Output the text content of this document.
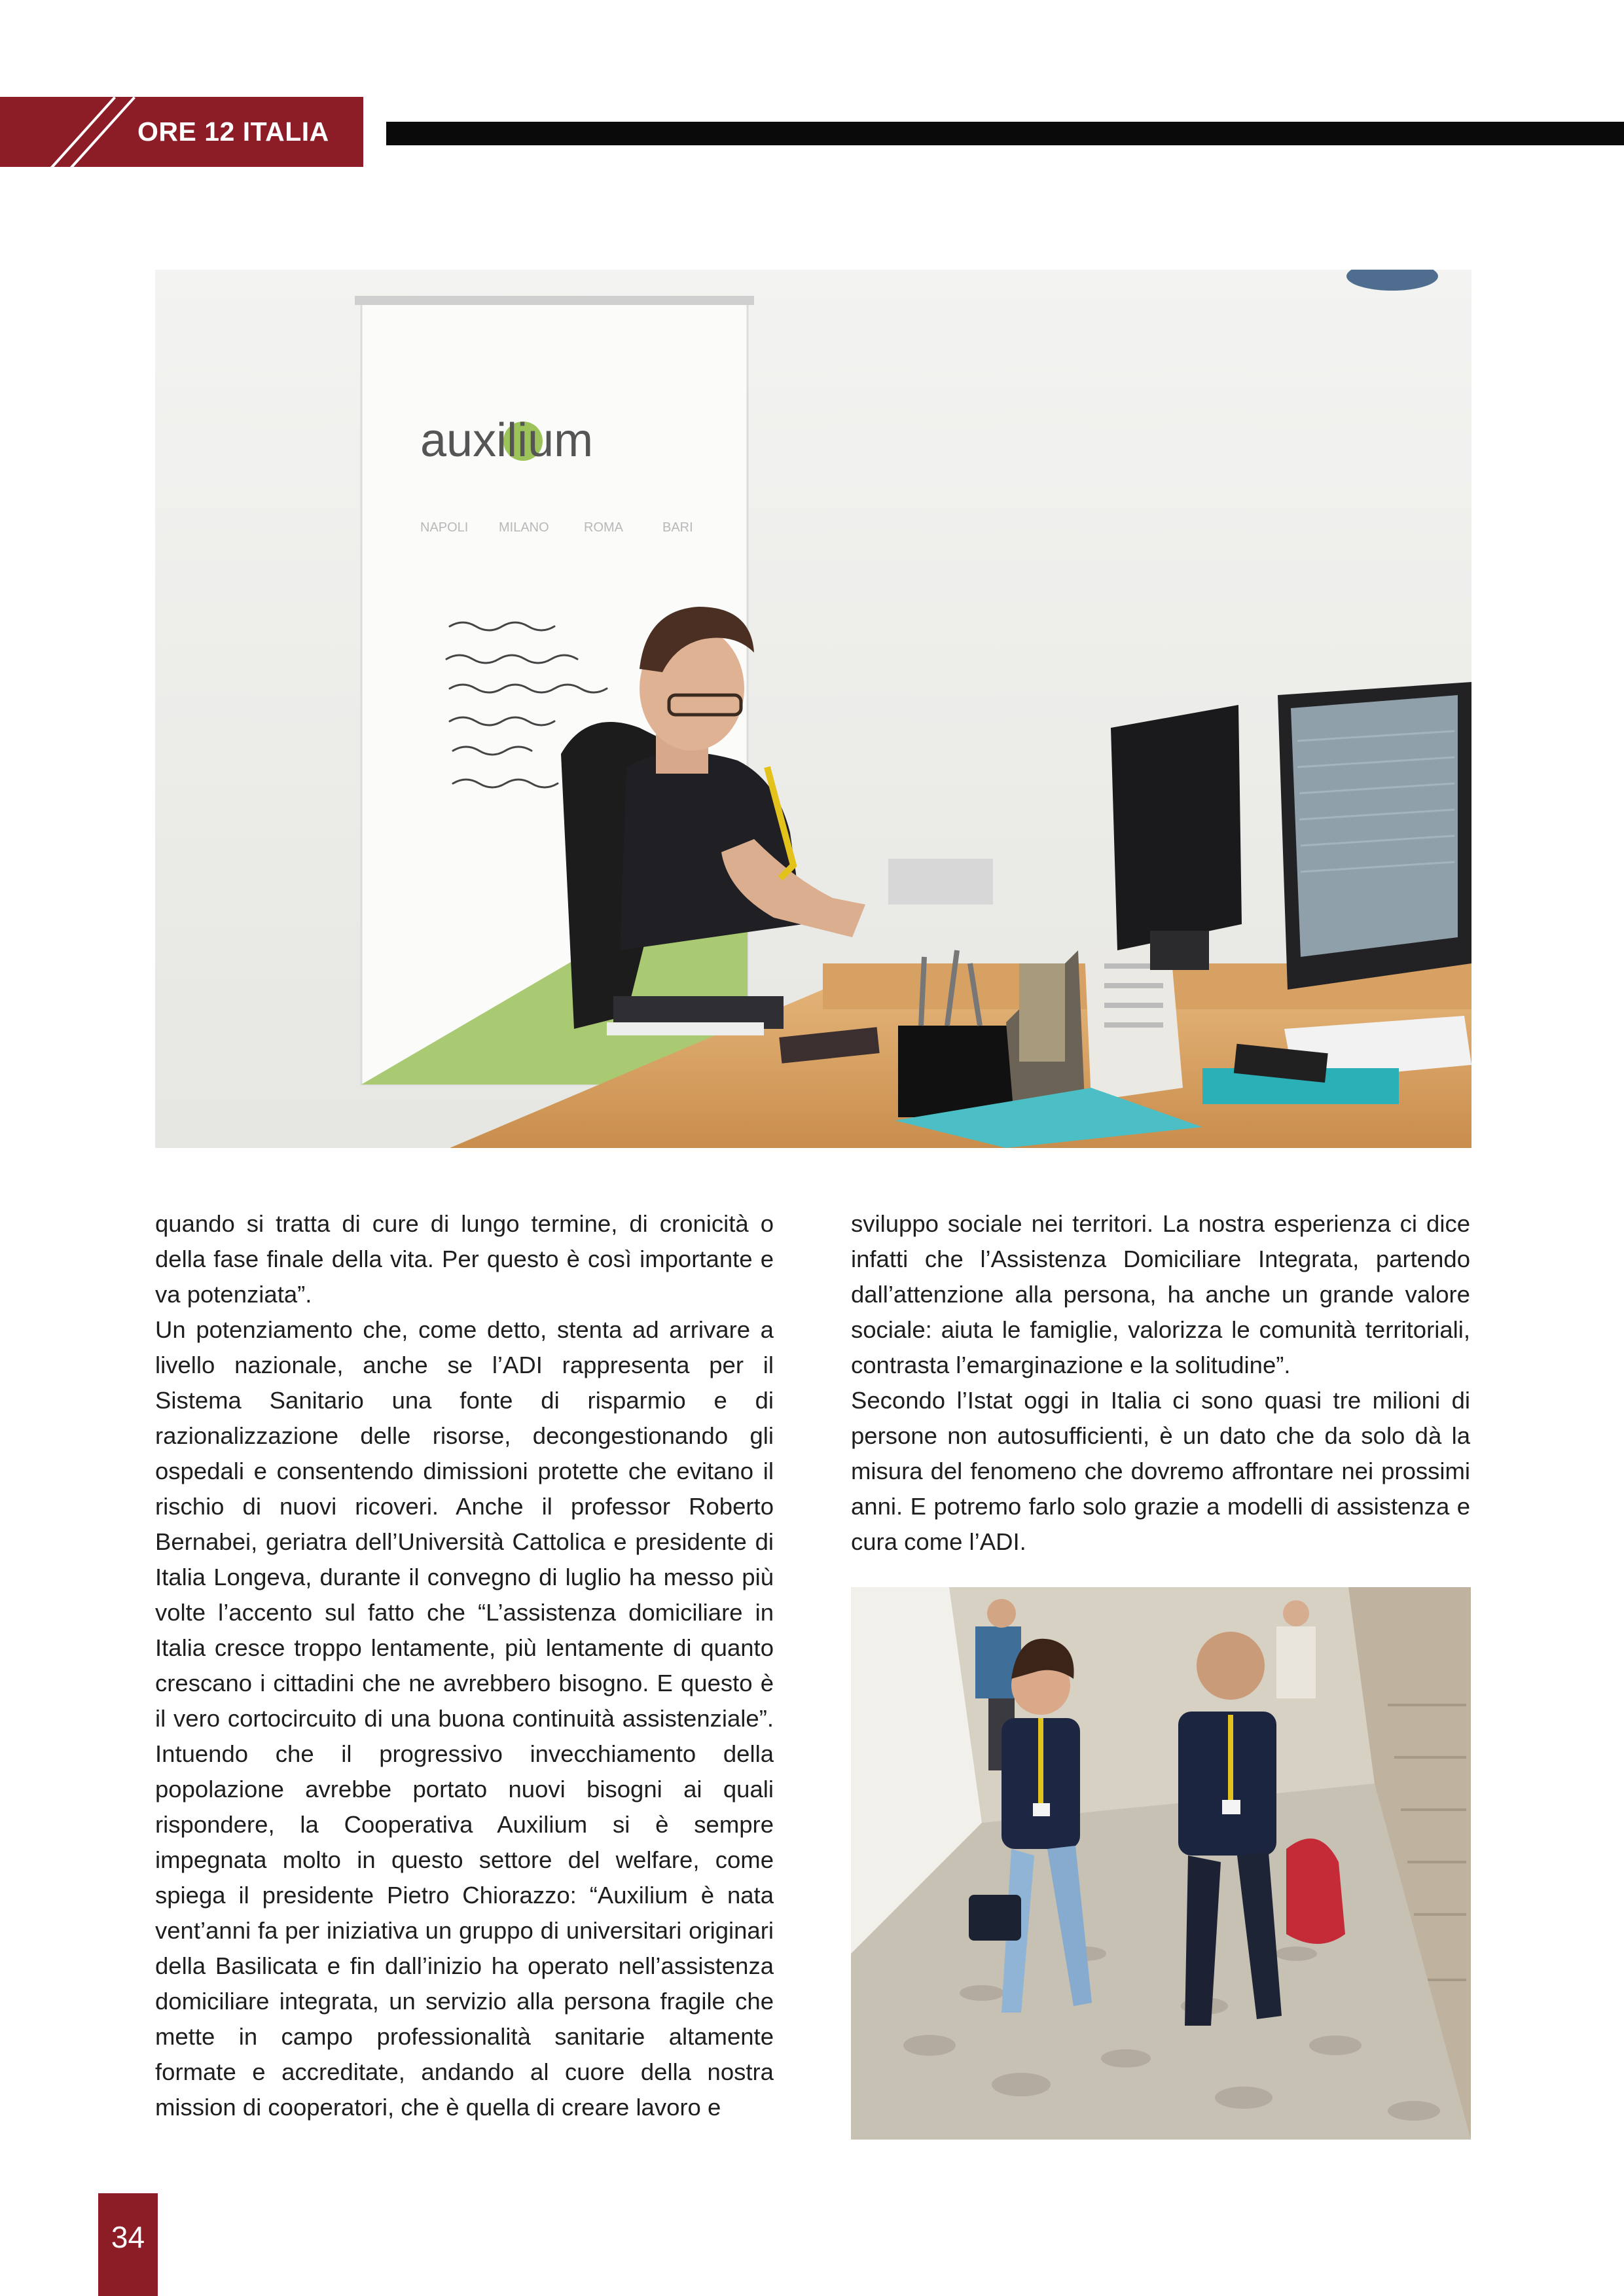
ORE 12 ITALIA
auxilium
NAPOLI MILANO	ROMA	BARI

quando si tratta di cure di lungo termine, di cronicità o della fase finale della vita. Per questo è così importante e va potenziata”.

Un potenziamento che, come detto, stenta ad arrivare a livello nazionale, anche se l’ADI rappresenta per il Sistema Sanitario una fonte di risparmio e di razionalizzazione delle risorse, decongestionando gli ospedali e consentendo dimissioni protette che evitano il rischio di nuovi ricoveri. Anche il professor Roberto Bernabei, geriatra dell’Università Cattolica e presidente di Italia Longeva, durante il convegno di luglio ha messo più volte l’accento sul fatto che “L’assistenza domiciliare in Italia cresce troppo lentamente, più lentamente di quanto crescano i cittadini che ne avrebbero bisogno. E questo è il vero cortocircuito di una buona continuità assistenziale”. Intuendo che il progressivo invecchiamento della popolazione avrebbe portato nuovi bisogni ai quali rispondere, la Cooperativa Auxilium si è sempre impegnata molto in questo settore del welfare, come spiega il presidente Pietro Chiorazzo: “Auxilium è nata vent’anni fa per iniziativa un gruppo di universitari originari della Basilicata e fin dall’inizio ha operato nell’assistenza domiciliare integrata, un servizio alla persona fragile che mette in campo professionalità sanitarie altamente formate e accreditate, andando al cuore della nostra mission di cooperatori, che è quella di creare lavoro e

sviluppo sociale nei territori. La nostra esperienza ci dice infatti che l’Assistenza Domiciliare Integrata, partendo dall’attenzione alla persona, ha anche un grande valore sociale: aiuta le famiglie, valorizza le comunità territoriali, contrasta l’emarginazione e la solitudine”.

Secondo l’Istat oggi in Italia ci sono quasi tre milioni di persone non autosufficienti, è un dato che da solo dà la misura del fenomeno che dovremo affrontare nei prossimi anni. E potremo farlo solo grazie a modelli di assistenza e cura come l’ADI.

34
